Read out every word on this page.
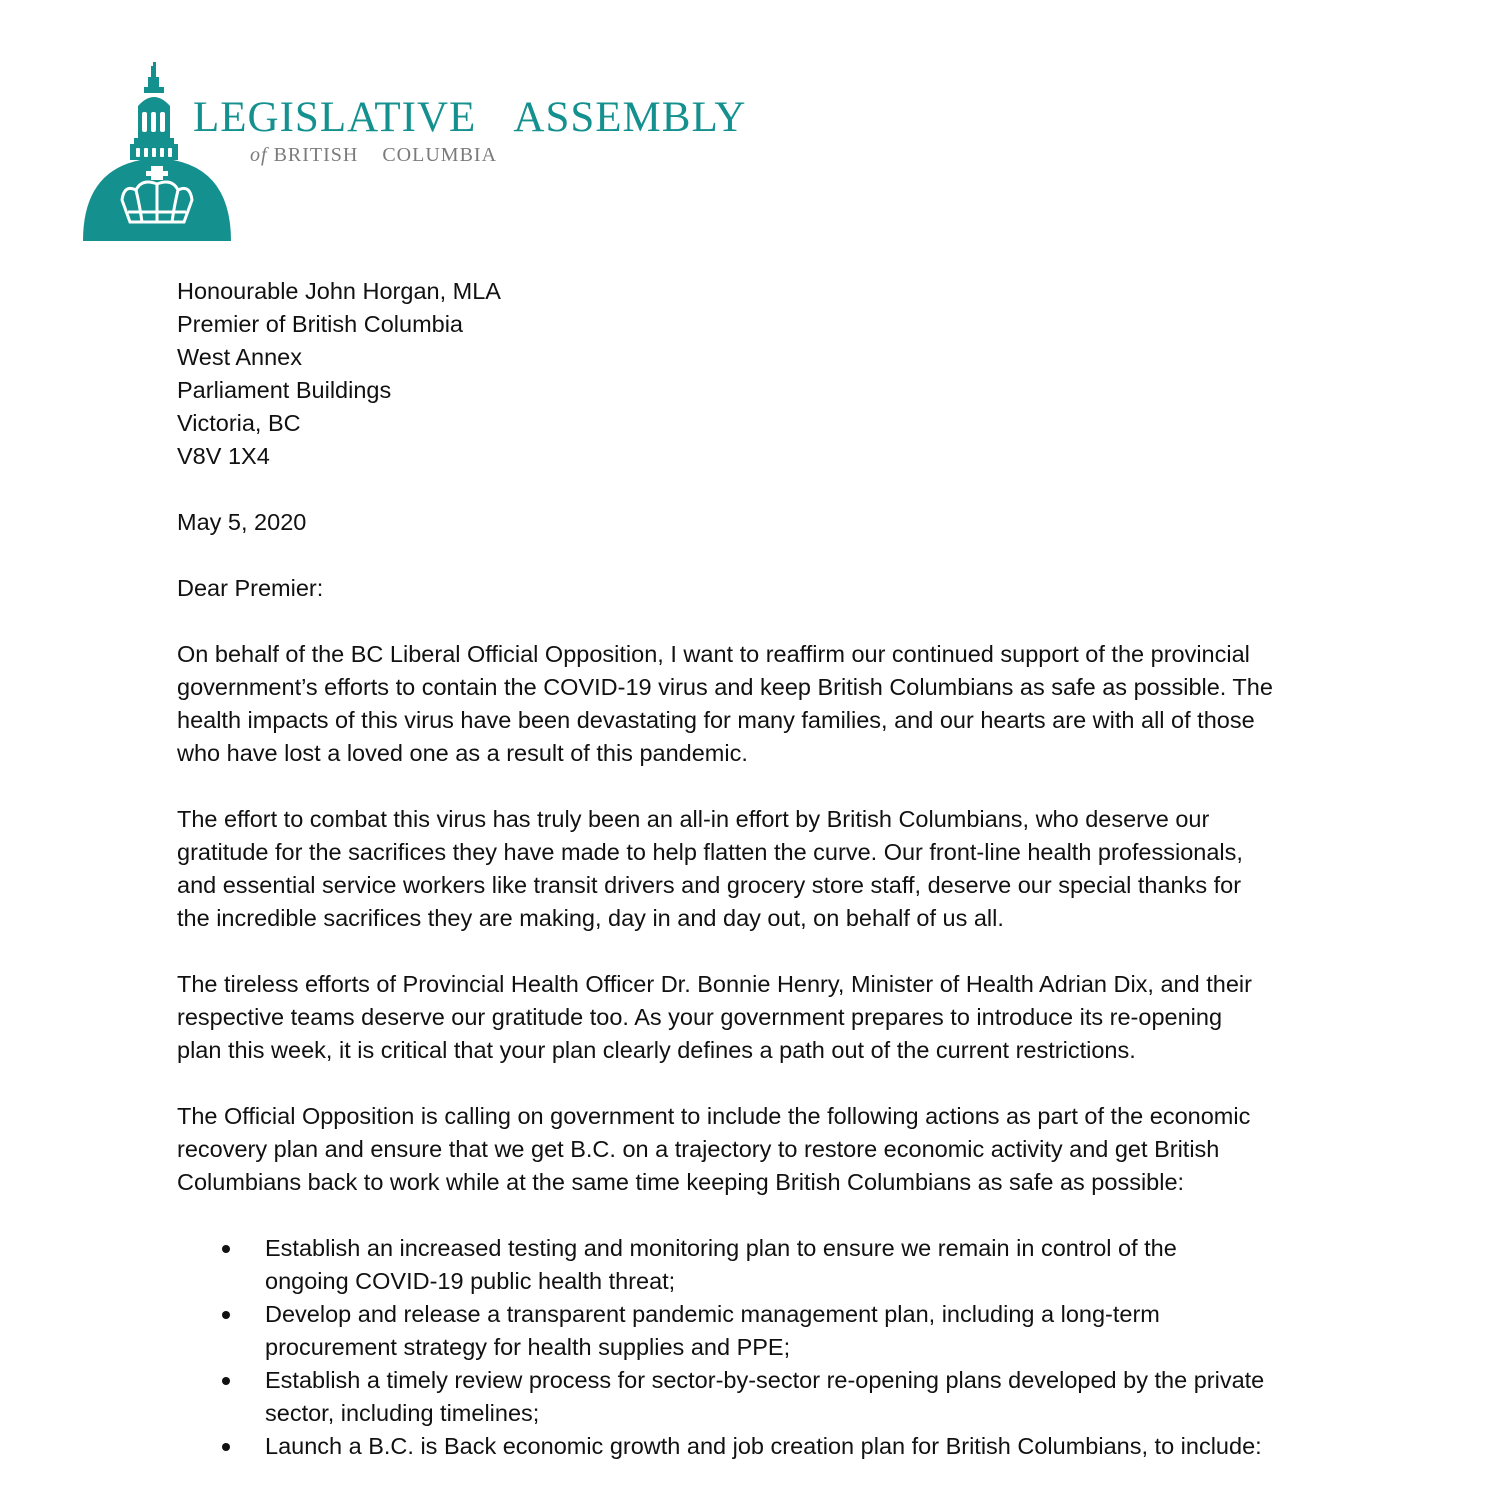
LEGISLATIVE  ASSEMBLY
of BRITISH  COLUMBIA
Honourable John Horgan, MLA
Premier of British Columbia
West Annex
Parliament Buildings
Victoria, BC
V8V 1X4
May 5, 2020
Dear Premier:
On behalf of the BC Liberal Official Opposition, I want to reaffirm our continued support of the provincial
government’s efforts to contain the COVID-19 virus and keep British Columbians as safe as possible. The
health impacts of this virus have been devastating for many families, and our hearts are with all of those
who have lost a loved one as a result of this pandemic.
The effort to combat this virus has truly been an all-in effort by British Columbians, who deserve our
gratitude for the sacrifices they have made to help flatten the curve. Our front-line health professionals,
and essential service workers like transit drivers and grocery store staff, deserve our special thanks for
the incredible sacrifices they are making, day in and day out, on behalf of us all.
The tireless efforts of Provincial Health Officer Dr. Bonnie Henry, Minister of Health Adrian Dix, and their
respective teams deserve our gratitude too. As your government prepares to introduce its re-opening
plan this week, it is critical that your plan clearly defines a path out of the current restrictions.
The Official Opposition is calling on government to include the following actions as part of the economic
recovery plan and ensure that we get B.C. on a trajectory to restore economic activity and get British
Columbians back to work while at the same time keeping British Columbians as safe as possible:
Establish an increased testing and monitoring plan to ensure we remain in control of the
ongoing COVID-19 public health threat;
Develop and release a transparent pandemic management plan, including a long-term
procurement strategy for health supplies and PPE;
Establish a timely review process for sector-by-sector re-opening plans developed by the private
sector, including timelines;
Launch a B.C. is Back economic growth and job creation plan for British Columbians, to include:
